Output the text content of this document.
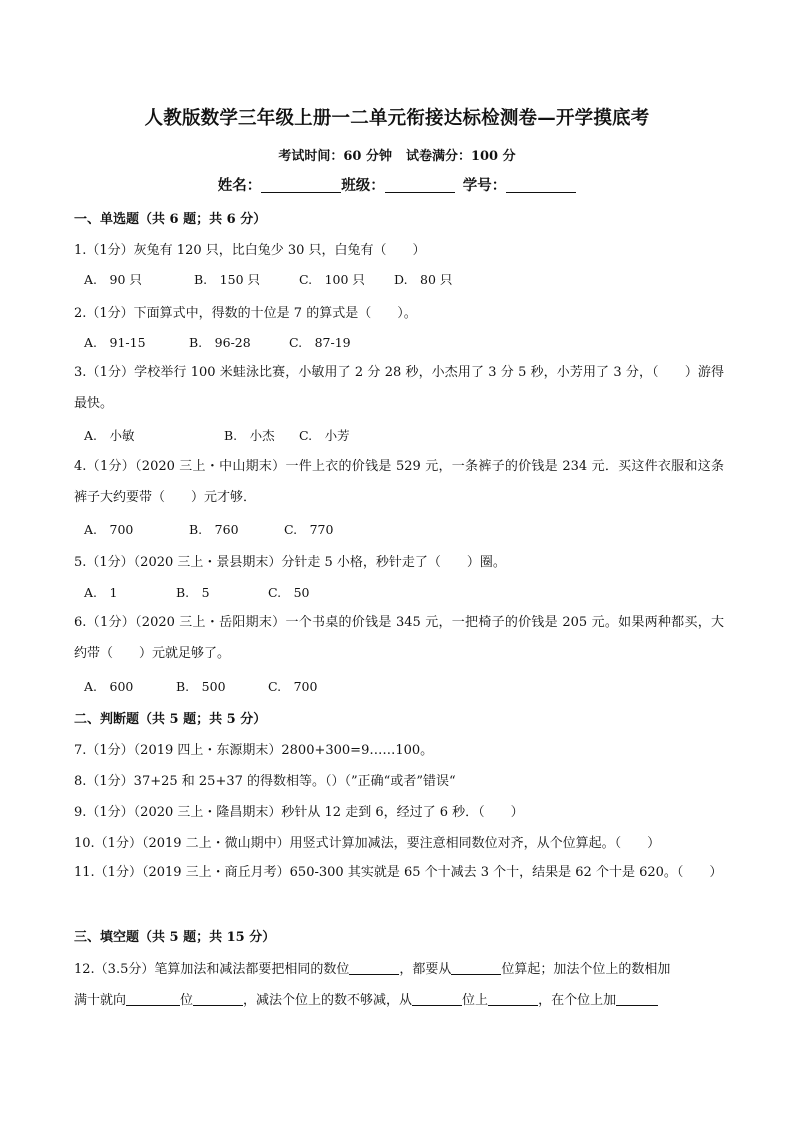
人教版数学三年级上册一二单元衔接达标检测卷—开学摸底考
考试时间：60 分钟 试卷满分：100 分
姓名：	班级：	学号：
一、单选题（共 6 题；共 6 分）
1.（1分）灰兔有 120 只，比白兔少 30 只，白兔有（　　）
A.　90 只	B.　150 只	C.　100 只 D.　80 只
2.（1分）下面算式中，得数的十位是 7 的算式是（　　）。
A.　91-15	B.　96-28	C.　87-19
3.（1分）学校举行 100 米蛙泳比赛，小敏用了 2 分 28 秒，小杰用了 3 分 5 秒，小芳用了 3 分，（　　）游得最快。
A.　小敏	B.　小杰 C.　小芳
4.（1分）（2020 三上・中山期末）一件上衣的价钱是 529 元，一条裤子的价钱是 234 元．买这件衣服和这条裤子大约要带（　　）元才够．
A.　700	B.　760	C.　770
5.（1分）（2020 三上・景县期末）分针走 5 小格，秒针走了（　　）圈。
A.　1	B.　5	C.　50
6.（1分）（2020 三上・岳阳期末）一个书桌的价钱是 345 元，一把椅子的价钱是 205 元。如果两种都买，大约带（　　）元就足够了。
A.　600	B.　500	C.　700
二、判断题（共 5 题；共 5 分）
7.（1分）（2019 四上・东源期末）2800+300=9……100。
8.（1分）37+25 和 25+37 的得数相等。（）（”正确“或者”错误“
9.（1分）（2020 三上・隆昌期末）秒针从 12 走到 6，经过了 6 秒．（　　）
10.（1分）（2019 二上・微山期中）用竖式计算加减法，要注意相同数位对齐，从个位算起。（　　）
11.（1分）（2019 三上・商丘月考）650-300 其实就是 65 个十减去 3 个十，结果是 62 个十是 620。（　　）
三、填空题（共 5 题；共 15 分）
12.（3.5分）笔算加法和减法都要把相同的数位	，都要从	位算起；加法个位上的数相加
满十就向	位	，减法个位上的数不够减，从	位上	，在个位上加
